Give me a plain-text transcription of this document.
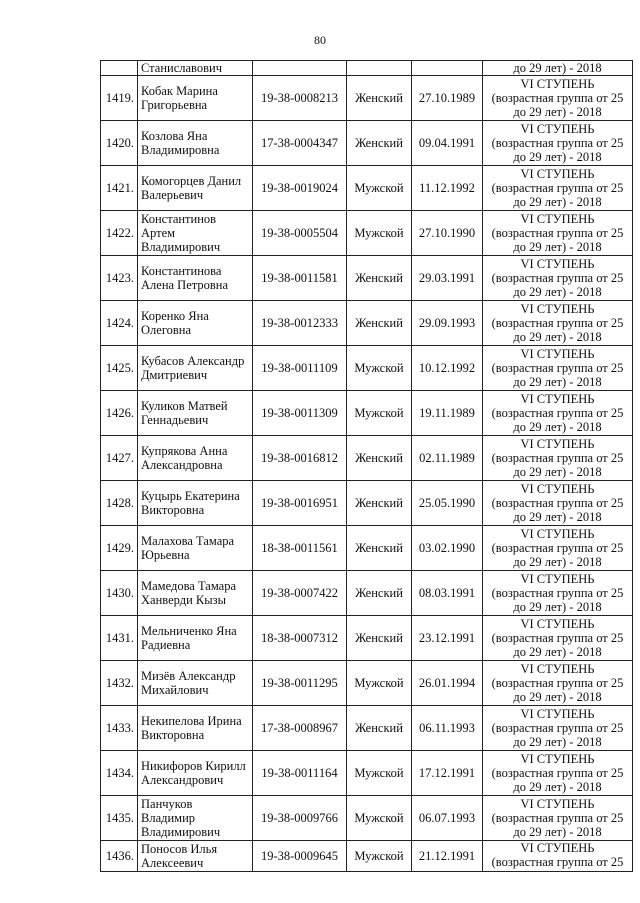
80
	Станиславович				до 29 лет) - 2018
1419.	Кобак Марина Григорьевна	19-38-0008213	Женский	27.10.1989	VI СТУПЕНЬ
(возрастная группа от 25
до 29 лет) - 2018

1420.	Козлова Яна Владимировна	17-38-0004347	Женский	09.04.1991	VI СТУПЕНЬ
(возрастная группа от 25
до 29 лет) - 2018

1421.	Комогорцев Данил Валерьевич	19-38-0019024	Мужской	11.12.1992	VI СТУПЕНЬ
(возрастная группа от 25
до 29 лет) - 2018

1422.	Константинов Артем Владимирович	19-38-0005504	Мужской	27.10.1990	VI СТУПЕНЬ
(возрастная группа от 25
до 29 лет) - 2018

1423.	Константинова Алена Петровна	19-38-0011581	Женский	29.03.1991	VI СТУПЕНЬ
(возрастная группа от 25
до 29 лет) - 2018

1424.	Коренко Яна Олеговна	19-38-0012333	Женский	29.09.1993	VI СТУПЕНЬ
(возрастная группа от 25
до 29 лет) - 2018

1425.	Кубасов Александр Дмитриевич	19-38-0011109	Мужской	10.12.1992	VI СТУПЕНЬ
(возрастная группа от 25
до 29 лет) - 2018

1426.	Куликов Матвей Геннадьевич	19-38-0011309	Мужской	19.11.1989	VI СТУПЕНЬ
(возрастная группа от 25
до 29 лет) - 2018

1427.	Купрякова Анна Александровна	19-38-0016812	Женский	02.11.1989	VI СТУПЕНЬ
(возрастная группа от 25
до 29 лет) - 2018

1428.	Куцырь Екатерина Викторовна	19-38-0016951	Женский	25.05.1990	VI СТУПЕНЬ
(возрастная группа от 25
до 29 лет) - 2018

1429.	Малахова Тамара Юрьевна	18-38-0011561	Женский	03.02.1990	VI СТУПЕНЬ
(возрастная группа от 25
до 29 лет) - 2018

1430.	Мамедова Тамара Ханверди Кызы	19-38-0007422	Женский	08.03.1991	VI СТУПЕНЬ
(возрастная группа от 25
до 29 лет) - 2018

1431.	Мельниченко Яна Радиевна	18-38-0007312	Женский	23.12.1991	VI СТУПЕНЬ
(возрастная группа от 25
до 29 лет) - 2018

1432.	Мизёв Александр Михайлович	19-38-0011295	Мужской	26.01.1994	VI СТУПЕНЬ
(возрастная группа от 25
до 29 лет) - 2018

1433.	Некипелова Ирина Викторовна	17-38-0008967	Женский	06.11.1993	VI СТУПЕНЬ
(возрастная группа от 25
до 29 лет) - 2018

1434.	Никифоров Кирилл Александрович	19-38-0011164	Мужской	17.12.1991	VI СТУПЕНЬ
(возрастная группа от 25
до 29 лет) - 2018

1435.	Панчуков Владимир Владимирович	19-38-0009766	Мужской	06.07.1993	VI СТУПЕНЬ
(возрастная группа от 25
до 29 лет) - 2018

1436.	Поносов Илья Алексеевич	19-38-0009645	Мужской	21.12.1991	VI СТУПЕНЬ
(возрастная группа от 25
